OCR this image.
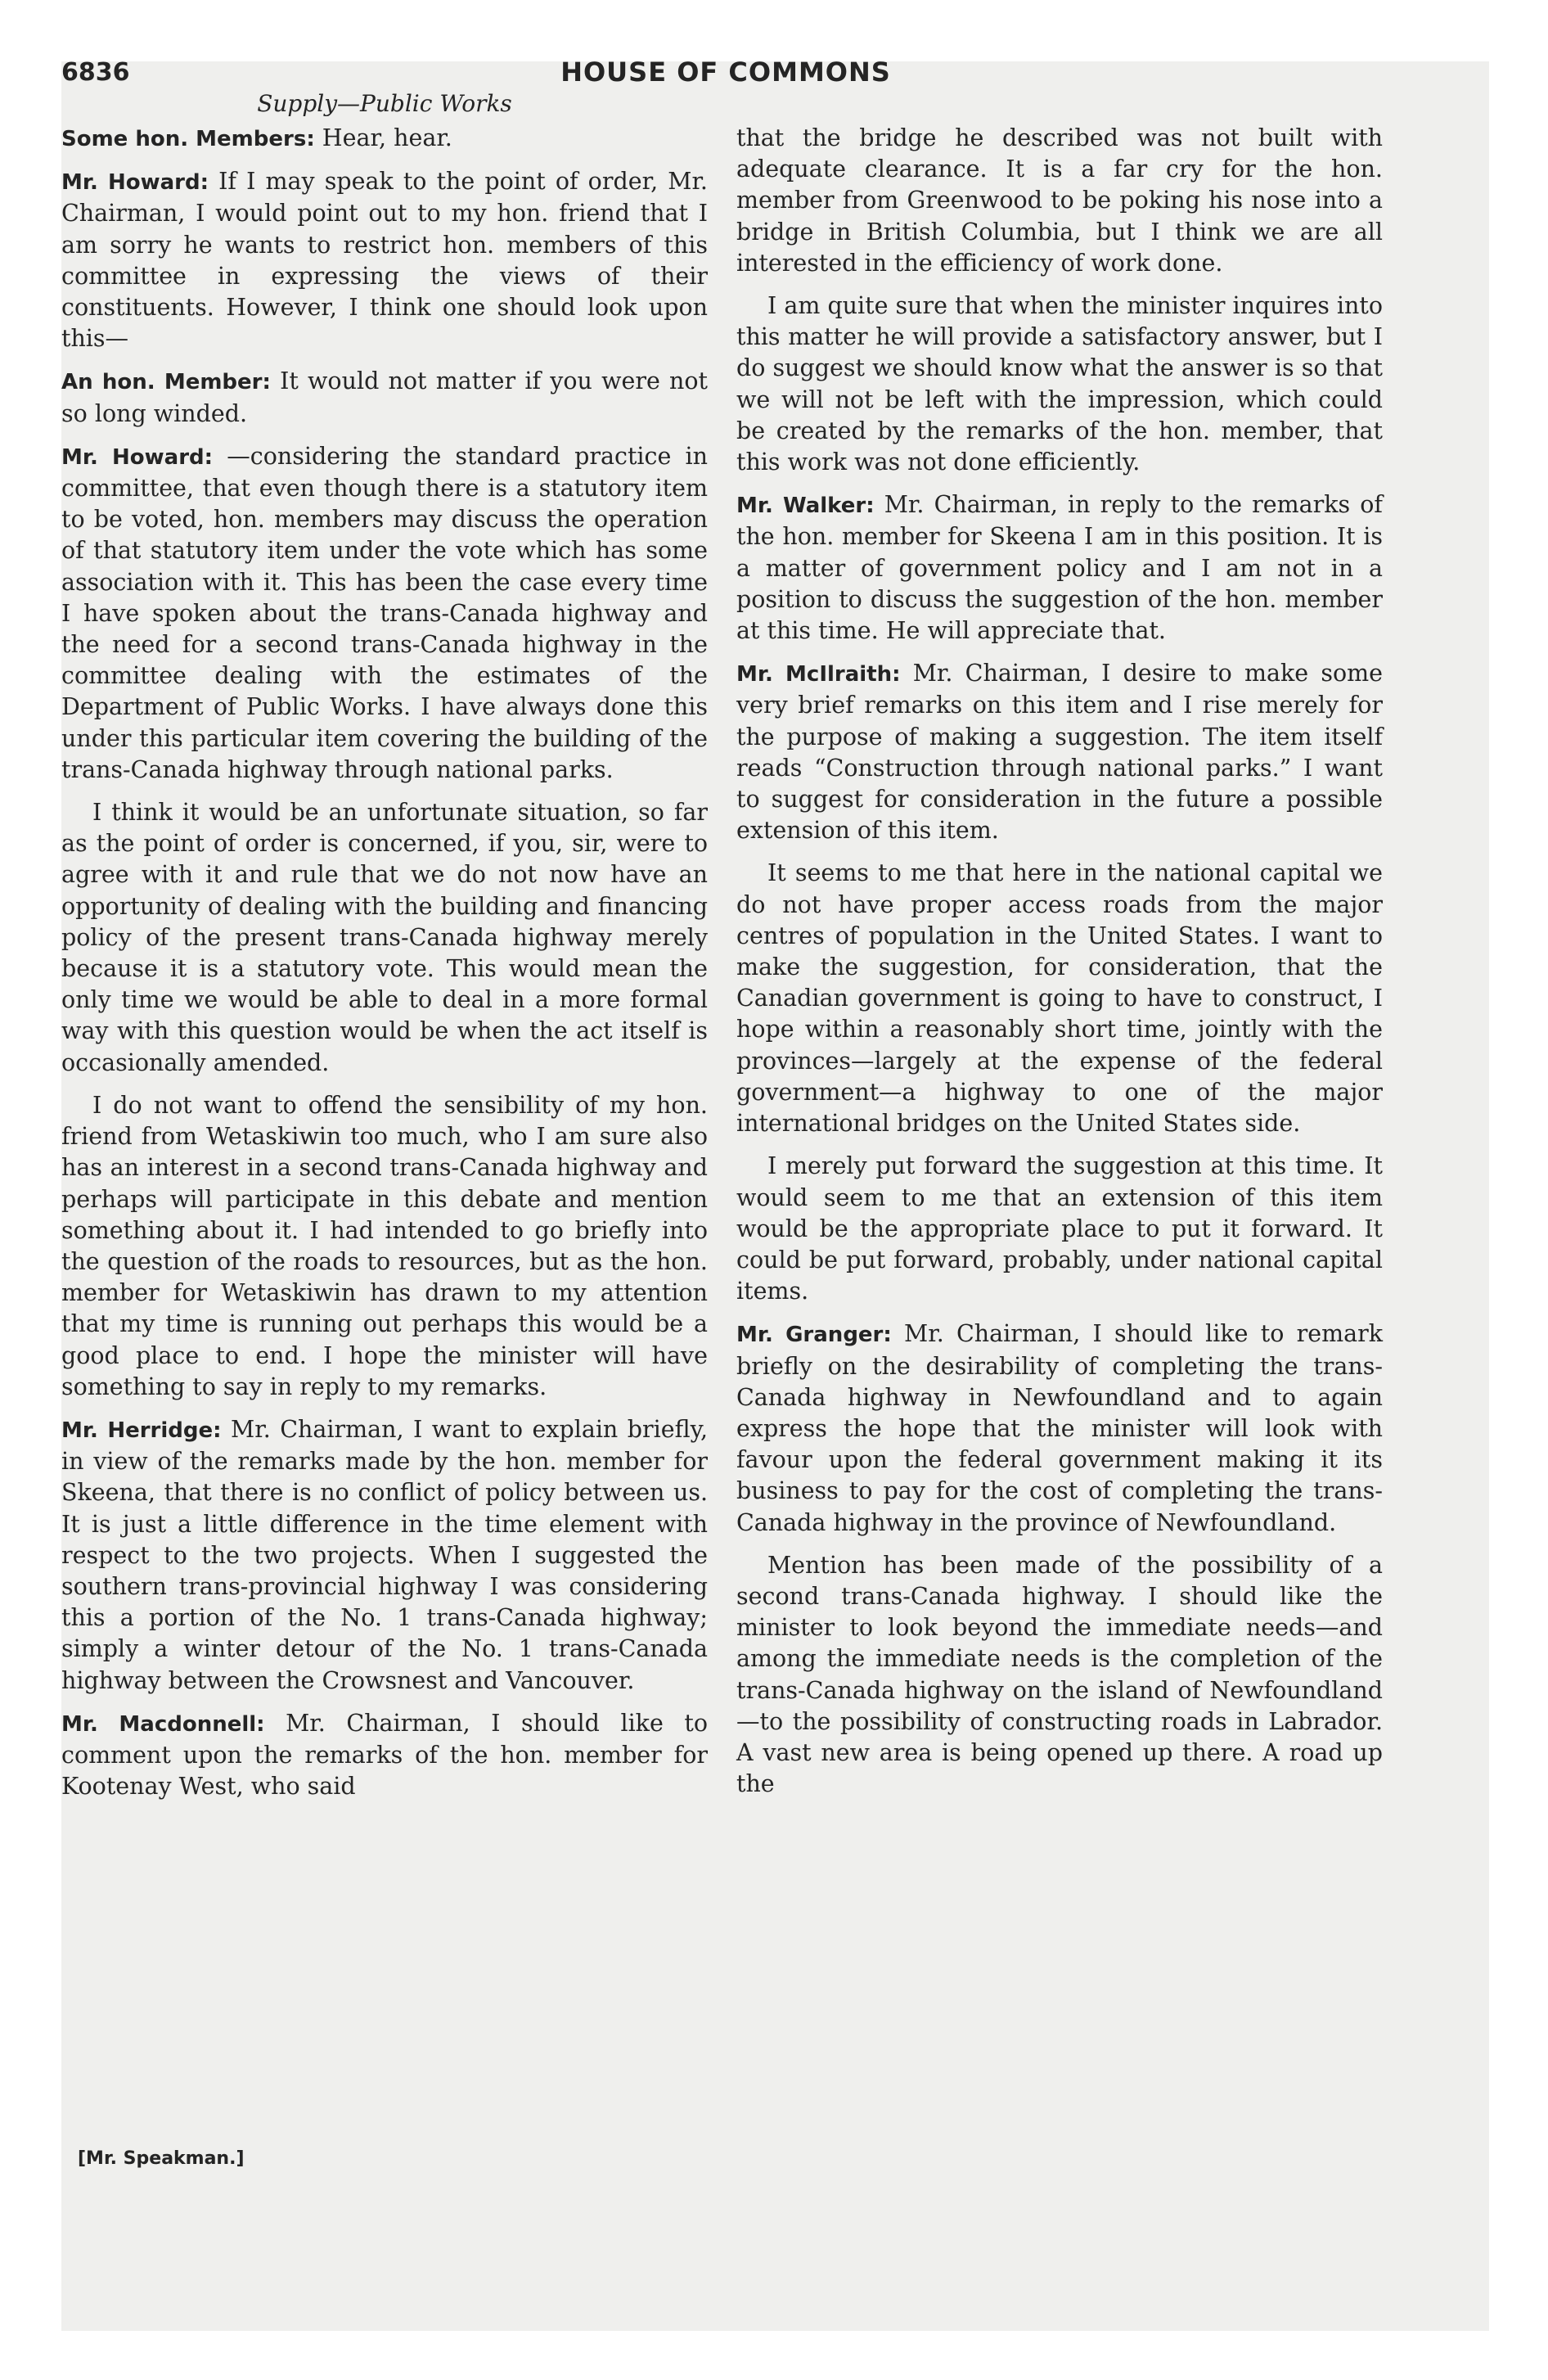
6836	HOUSE OF COMMONS
Supply—Public Works

Some hon. Members: Hear, hear.

Mr. Howard: If I may speak to the point of order, Mr. Chairman, I would point out to my hon. friend that I am sorry he wants to restrict hon. members of this committee in expressing the views of their constituents. However, I think one should look upon this—

An hon. Member: It would not matter if you were not so long winded.

Mr. Howard: —considering the standard practice in committee, that even though there is a statutory item to be voted, hon. members may discuss the operation of that statutory item under the vote which has some association with it. This has been the case every time I have spoken about the trans-Canada highway and the need for a second trans-Canada highway in the committee dealing with the estimates of the Department of Public Works. I have always done this under this particular item covering the building of the trans-Canada highway through national parks.

I think it would be an unfortunate situation, so far as the point of order is concerned, if you, sir, were to agree with it and rule that we do not now have an opportunity of dealing with the building and financing policy of the present trans-Canada highway merely because it is a statutory vote. This would mean the only time we would be able to deal in a more formal way with this question would be when the act itself is occasionally amended.

I do not want to offend the sensibility of my hon. friend from Wetaskiwin too much, who I am sure also has an interest in a second trans-Canada highway and perhaps will participate in this debate and mention something about it. I had intended to go briefly into the question of the roads to resources, but as the hon. member for Wetaskiwin has drawn to my attention that my time is running out perhaps this would be a good place to end. I hope the minister will have something to say in reply to my remarks.

Mr. Herridge: Mr. Chairman, I want to explain briefly, in view of the remarks made by the hon. member for Skeena, that there is no conflict of policy between us. It is just a little difference in the time element with respect to the two projects. When I suggested the southern trans-provincial highway I was considering this a portion of the No. 1 trans-Canada highway; simply a winter detour of the No. 1 trans-Canada highway between the Crowsnest and Vancouver.

Mr. Macdonnell: Mr. Chairman, I should like to comment upon the remarks of the hon. member for Kootenay West, who said

that the bridge he described was not built with adequate clearance. It is a far cry for the hon. member from Greenwood to be poking his nose into a bridge in British Columbia, but I think we are all interested in the efficiency of work done.

I am quite sure that when the minister inquires into this matter he will provide a satisfactory answer, but I do suggest we should know what the answer is so that we will not be left with the impression, which could be created by the remarks of the hon. member, that this work was not done efficiently.

Mr. Walker: Mr. Chairman, in reply to the remarks of the hon. member for Skeena I am in this position. It is a matter of government policy and I am not in a position to discuss the suggestion of the hon. member at this time. He will appreciate that.

Mr. McIlraith: Mr. Chairman, I desire to make some very brief remarks on this item and I rise merely for the purpose of making a suggestion. The item itself reads “Construction through national parks.” I want to suggest for consideration in the future a possible extension of this item.

It seems to me that here in the national capital we do not have proper access roads from the major centres of population in the United States. I want to make the suggestion, for consideration, that the Canadian government is going to have to construct, I hope within a reasonably short time, jointly with the provinces—largely at the expense of the federal government—a highway to one of the major international bridges on the United States side.

I merely put forward the suggestion at this time. It would seem to me that an extension of this item would be the appropriate place to put it forward. It could be put forward, probably, under national capital items.

Mr. Granger: Mr. Chairman, I should like to remark briefly on the desirability of completing the trans-Canada highway in Newfoundland and to again express the hope that the minister will look with favour upon the federal government making it its business to pay for the cost of completing the trans-Canada highway in the province of Newfoundland.

Mention has been made of the possibility of a second trans-Canada highway. I should like the minister to look beyond the immediate needs—and among the immediate needs is the completion of the trans-Canada highway on the island of Newfoundland—to the possibility of constructing roads in Labrador. A vast new area is being opened up there. A road up the

[Mr. Speakman.]
